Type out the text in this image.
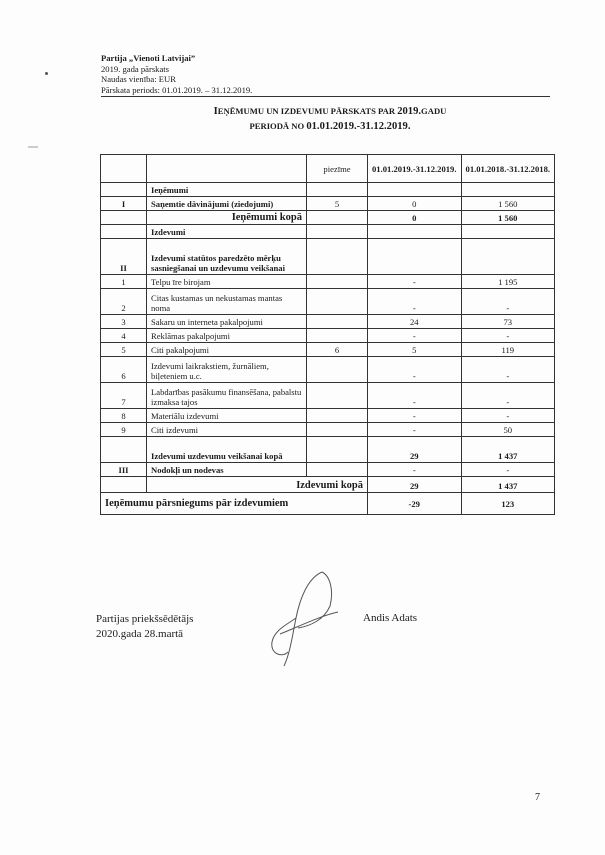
Partija „Vienoti Latvijai”
2019. gada pārskats
Naudas vienība: EUR
Pārskata periods: 01.01.2019. – 31.12.2019.
IEŅĒMUMU UN IZDEVUMU PĀRSKATS PAR 2019.GADU
PERIODĀ NO 01.01.2019.-31.12.2019.
		piezīme	01.01.2019.-31.12.2019.	01.01.2018.-31.12.2018.
	Ieņēmumi			
I	Saņemtie dāvinājumi (ziedojumi)	5	0	1 560
	Ieņēmumi kopā		0	1 560
	Izdevumi			
II	Izdevumi statūtos paredzēto mērķu sasniegšanai un uzdevumu veikšanai			
1	Telpu īre birojam		-	1 195
2	Citas kustamas un nekustamas mantas noma		-	-
3	Sakaru un interneta pakalpojumi		24	73
4	Reklāmas pakalpojumi		-	-
5	Citi pakalpojumi	6	5	119
6	Izdevumi laikrakstiem, žurnāliem, biļeteniem u.c.		-	-
7	Labdarības pasākumu finansēšana, pabalstu izmaksa tajos		-	-
8	Materiālu izdevumi		-	-
9	Citi izdevumi		-	50
	Izdevumi uzdevumu veikšanai kopā		29	1 437
III	Nodokļi un nodevas		-	-
	Izdevumi kopā		29	1 437
Ieņēmumu pārsniegums pār izdevumiem			-29	123
Partijas priekšsēdētājs
2020.gada 28.martā
Andis Adats
7
